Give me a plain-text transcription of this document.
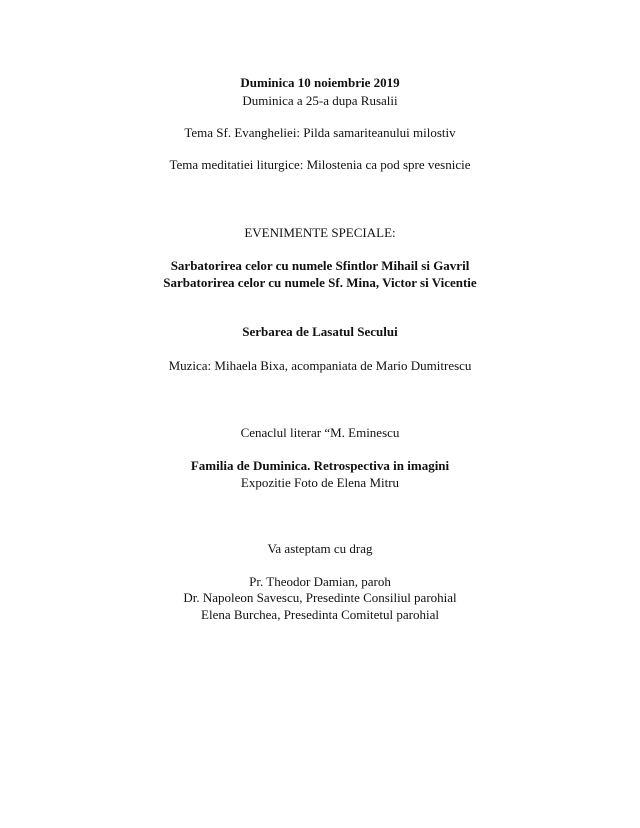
Duminica 10 noiembrie 2019
Duminica a 25-a dupa Rusalii
Tema Sf. Evangheliei: Pilda samariteanului milostiv
Tema meditatiei liturgice: Milostenia ca pod spre vesnicie
EVENIMENTE SPECIALE:
Sarbatorirea celor cu numele Sfintlor Mihail si Gavril
Sarbatorirea celor cu numele Sf. Mina, Victor si Vicentie
Serbarea de Lasatul Secului
Muzica: Mihaela Bixa, acompaniata de Mario Dumitrescu
Cenaclul literar “M. Eminescu
Familia de Duminica. Retrospectiva in imagini
Expozitie Foto de Elena Mitru
Va asteptam cu drag
Pr. Theodor Damian, paroh
Dr. Napoleon Savescu, Presedinte Consiliul parohial
Elena Burchea, Presedinta Comitetul parohial
